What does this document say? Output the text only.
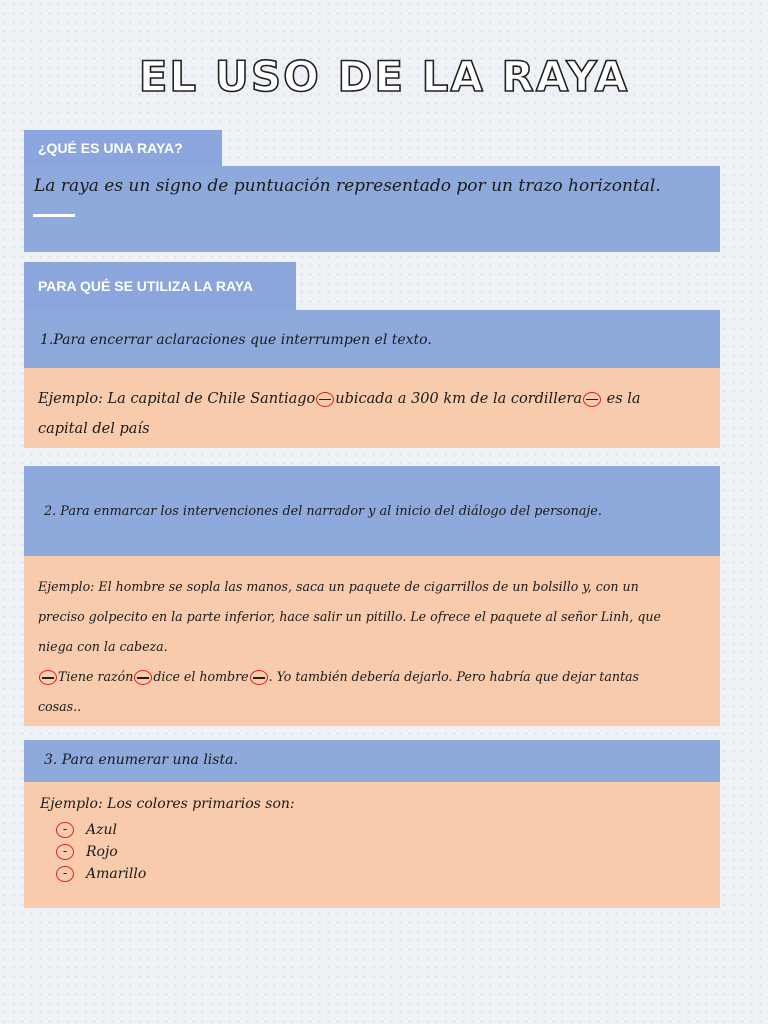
EL USO DE LA RAYA
¿QUÉ ES UNA RAYA?
La raya es un signo de puntuación representado por un trazo horizontal.
PARA QUÉ SE UTILIZA LA RAYA
1.Para encerrar aclaraciones que interrumpen el texto.
Ejemplo: La capital de Chile Santiago ubicada a 300 km de la cordillera es la
capital del país
2. Para enmarcar los intervenciones del narrador y al inicio del diálogo del personaje.
Ejemplo: El hombre se sopla las manos, saca un paquete de cigarrillos de un bolsillo y, con un
preciso golpecito en la parte inferior, hace salir un pitillo. Le ofrece el paquete al señor Linh, que
niega con la cabeza.
Tiene razón dice el hombre . Yo también debería dejarlo. Pero habría que dejar tantas
cosas..
3. Para enumerar una lista.
Ejemplo: Los colores primarios son:
-	Azul
-	Rojo
-	Amarillo
